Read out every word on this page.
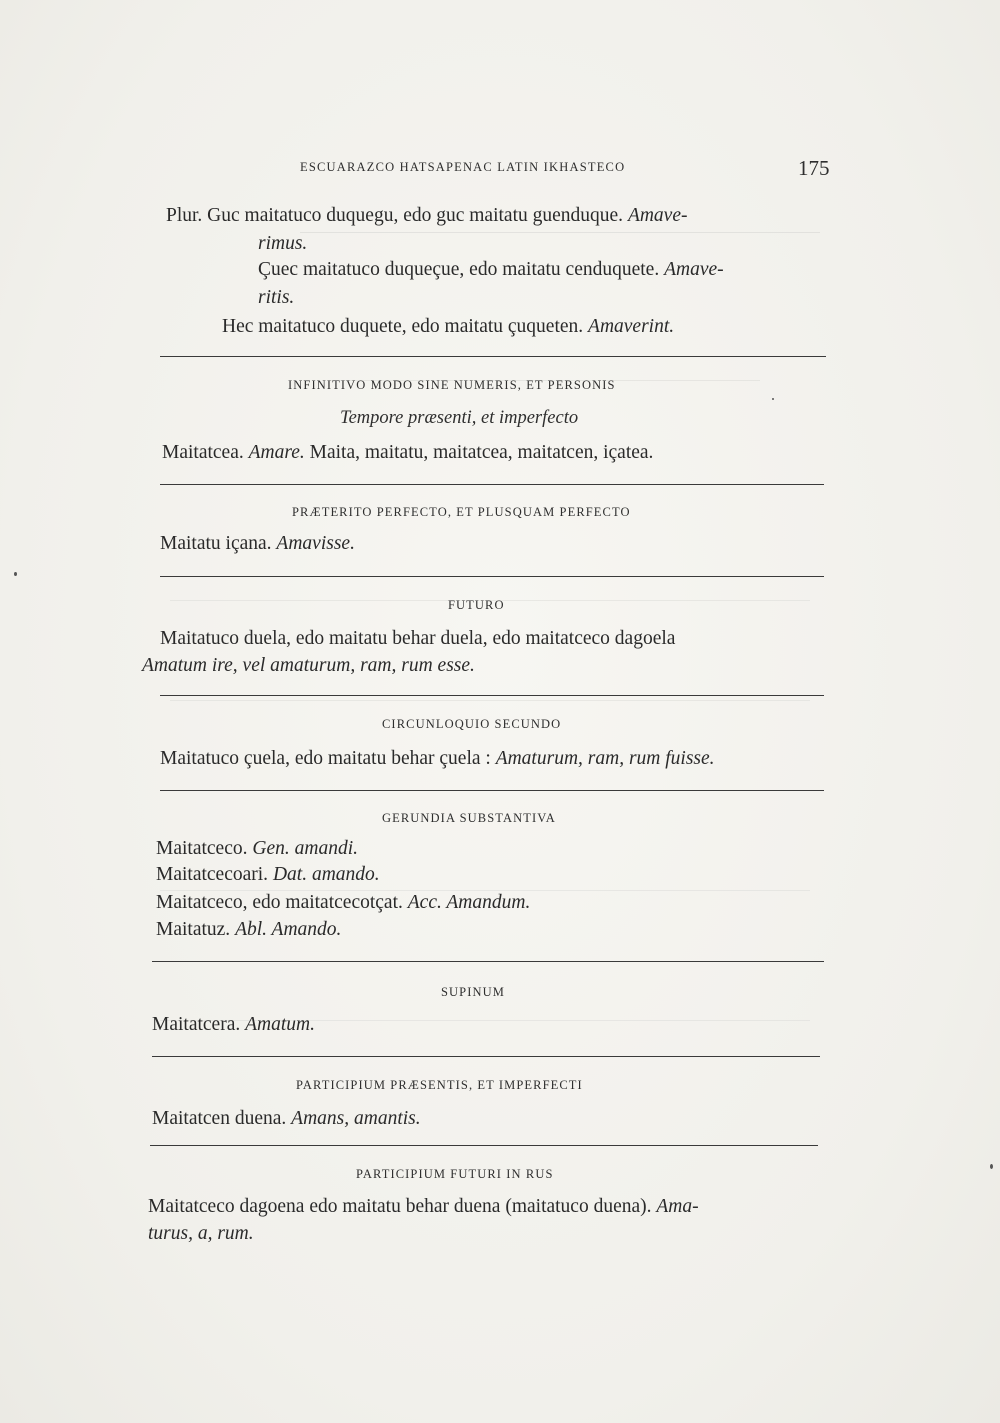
ESCUARAZCO HATSAPENAC LATIN IKHASTECO	175
Plur. Guc maitatuco duquegu, edo guc maitatu guenduque. Amave-
rimus.
Çuec maitatuco duqueçue, edo maitatu cenduquete. Amave-
ritis.
Hec maitatuco duquete, edo maitatu çuqueten. Amaverint.
INFINITIVO MODO SINE NUMERIS, ET PERSONIS
Tempore præsenti, et imperfecto
Maitatcea. Amare. Maita, maitatu, maitatcea, maitatcen, içatea.
PRÆTERITO PERFECTO, ET PLUSQUAM PERFECTO
Maitatu içana. Amavisse.
FUTURO
Maitatuco duela, edo maitatu behar duela, edo maitatceco dagoela
Amatum ire, vel amaturum, ram, rum esse.
CIRCUNLOQUIO SECUNDO
Maitatuco çuela, edo maitatu behar çuela : Amaturum, ram, rum fuisse.
GERUNDIA SUBSTANTIVA
Maitatceco. Gen. amandi.
Maitatcecoari. Dat. amando.
Maitatceco, edo maitatcecotçat. Acc. Amandum.
Maitatuz. Abl. Amando.
SUPINUM
Maitatcera. Amatum.
PARTICIPIUM PRÆSENTIS, ET IMPERFECTI
Maitatcen duena. Amans, amantis.
PARTICIPIUM FUTURI IN RUS
Maitatceco dagoena edo maitatu behar duena (maitatuco duena). Ama-
turus, a, rum.
